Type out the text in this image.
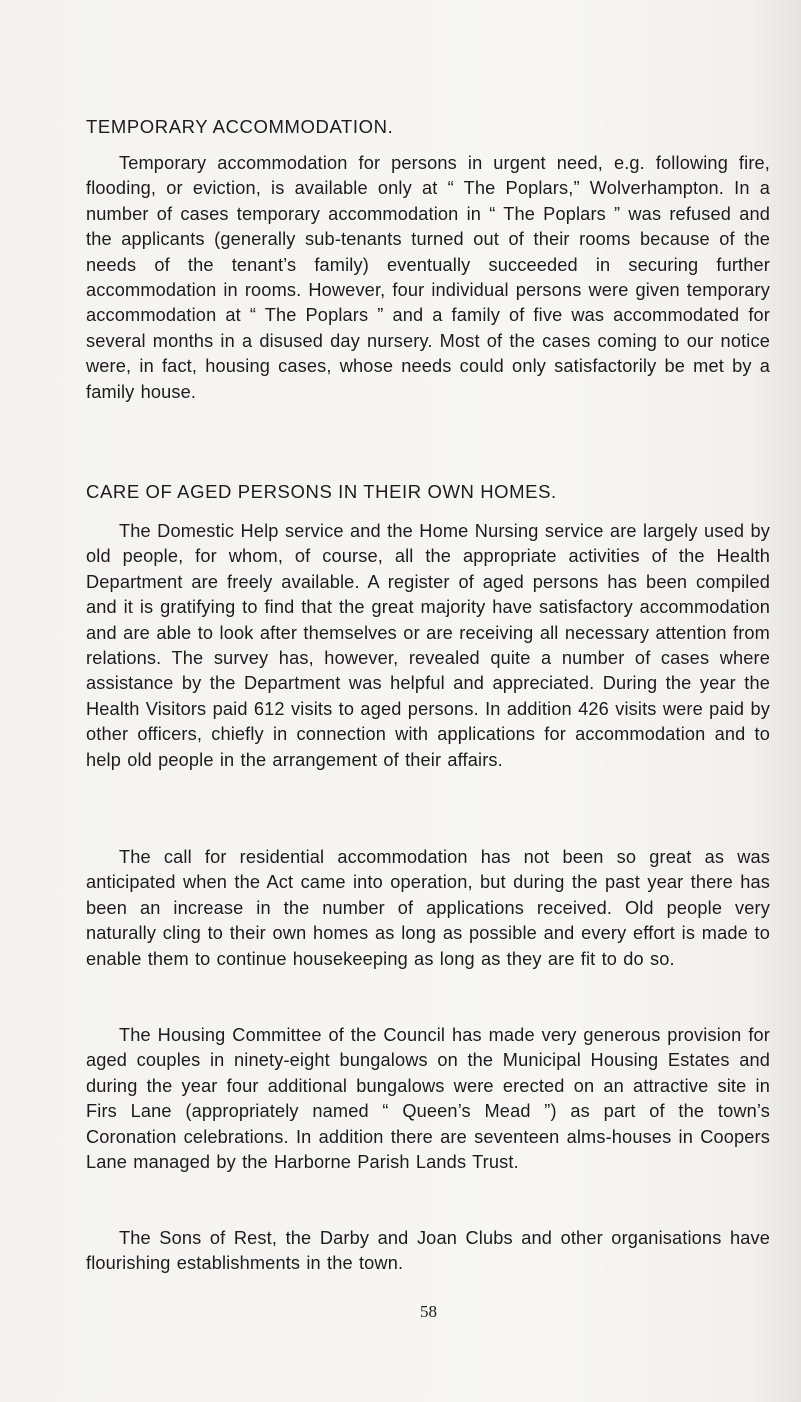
TEMPORARY ACCOMMODATION.

Temporary accommodation for persons in urgent need, e.g. following fire, flooding, or eviction, is available only at “ The Poplars,” Wolverhampton. In a number of cases temporary accommodation in “ The Poplars ” was refused and the applicants (generally sub-tenants turned out of their rooms because of the needs of the tenant’s family) eventually succeeded in securing further accommodation in rooms. However, four individual persons were given temporary accommodation at “ The Poplars ” and a family of five was accommodated for several months in a disused day nursery. Most of the cases coming to our notice were, in fact, housing cases, whose needs could only satisfactorily be met by a family house.

CARE OF AGED PERSONS IN THEIR OWN HOMES.

The Domestic Help service and the Home Nursing service are largely used by old people, for whom, of course, all the appropriate activities of the Health Department are freely available. A register of aged persons has been compiled and it is gratifying to find that the great majority have satisfactory accommodation and are able to look after themselves or are receiving all necessary attention from relations. The survey has, however, revealed quite a number of cases where assistance by the Department was helpful and appreciated. During the year the Health Visitors paid 612 visits to aged persons. In addition 426 visits were paid by other officers, chiefly in connection with applications for accommodation and to help old people in the arrangement of their affairs.

The call for residential accommodation has not been so great as was anticipated when the Act came into operation, but during the past year there has been an increase in the number of applications received. Old people very naturally cling to their own homes as long as possible and every effort is made to enable them to continue housekeeping as long as they are fit to do so.

The Housing Committee of the Council has made very generous provision for aged couples in ninety-eight bungalows on the Municipal Housing Estates and during the year four additional bungalows were erected on an attractive site in Firs Lane (appropriately named “ Queen’s Mead ”) as part of the town’s Coronation celebrations. In addition there are seventeen alms-houses in Coopers Lane managed by the Harborne Parish Lands Trust.

The Sons of Rest, the Darby and Joan Clubs and other organisations have flourishing establishments in the town.

58
